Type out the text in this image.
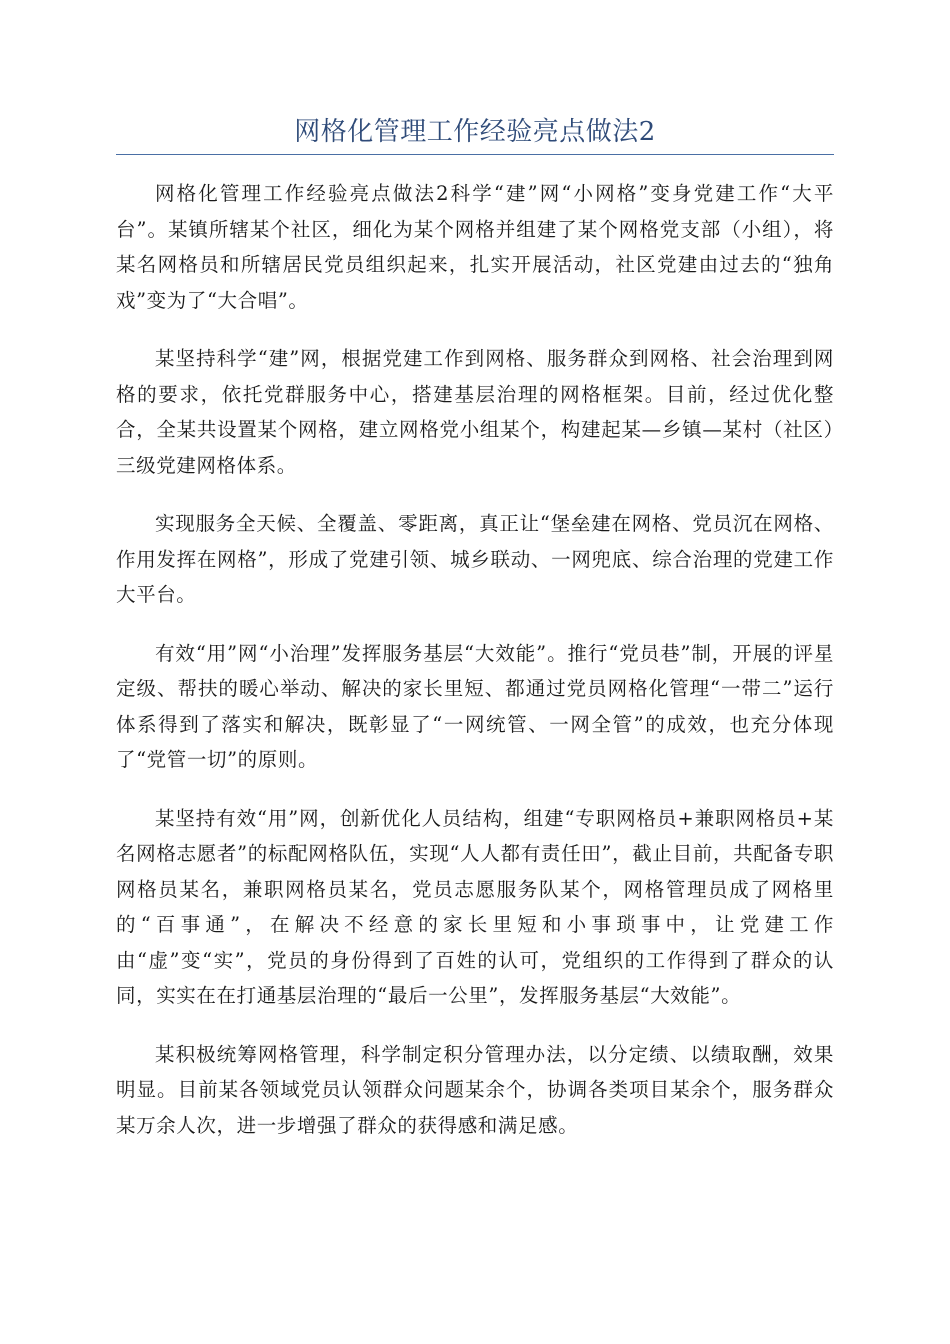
网格化管理工作经验亮点做法2

网格化管理工作经验亮点做法2科学“建”网“小网格”变身党建工作“大平台”。某镇所辖某个社区，细化为某个网格并组建了某个网格党支部（小组），将某名网格员和所辖居民党员组织起来，扎实开展活动，社区党建由过去的“独角戏”变为了“大合唱”。

某坚持科学“建”网，根据党建工作到网格、服务群众到网格、社会治理到网格的要求，依托党群服务中心，搭建基层治理的网格框架。目前，经过优化整合，全某共设置某个网格，建立网格党小组某个，构建起某—乡镇—某村（社区）三级党建网格体系。

实现服务全天候、全覆盖、零距离，真正让“堡垒建在网格、党员沉在网格、作用发挥在网格”，形成了党建引领、城乡联动、一网兜底、综合治理的党建工作大平台。

有效“用”网“小治理”发挥服务基层“大效能”。推行“党员巷”制，开展的评星定级、帮扶的暖心举动、解决的家长里短、都通过党员网格化管理“一带二”运行体系得到了落实和解决，既彰显了“一网统管、一网全管”的成效，也充分体现了“党管一切”的原则。

某坚持有效“用”网，创新优化人员结构，组建“专职网格员+兼职网格员+某名网格志愿者”的标配网格队伍，实现“人人都有责任田”，截止目前，共配备专职网格员某名，兼职网格员某名，党员志愿服务队某个，网格管理员成了网格里的“百事通”，在解决不经意的家长里短和小事琐事中，让党建工作由“虚”变“实”，党员的身份得到了百姓的认可，党组织的工作得到了群众的认同，实实在在打通基层治理的“最后一公里”，发挥服务基层“大效能”。

某积极统筹网格管理，科学制定积分管理办法，以分定绩、以绩取酬，效果明显。目前某各领域党员认领群众问题某余个，协调各类项目某余个，服务群众某万余人次，进一步增强了群众的获得感和满足感。
